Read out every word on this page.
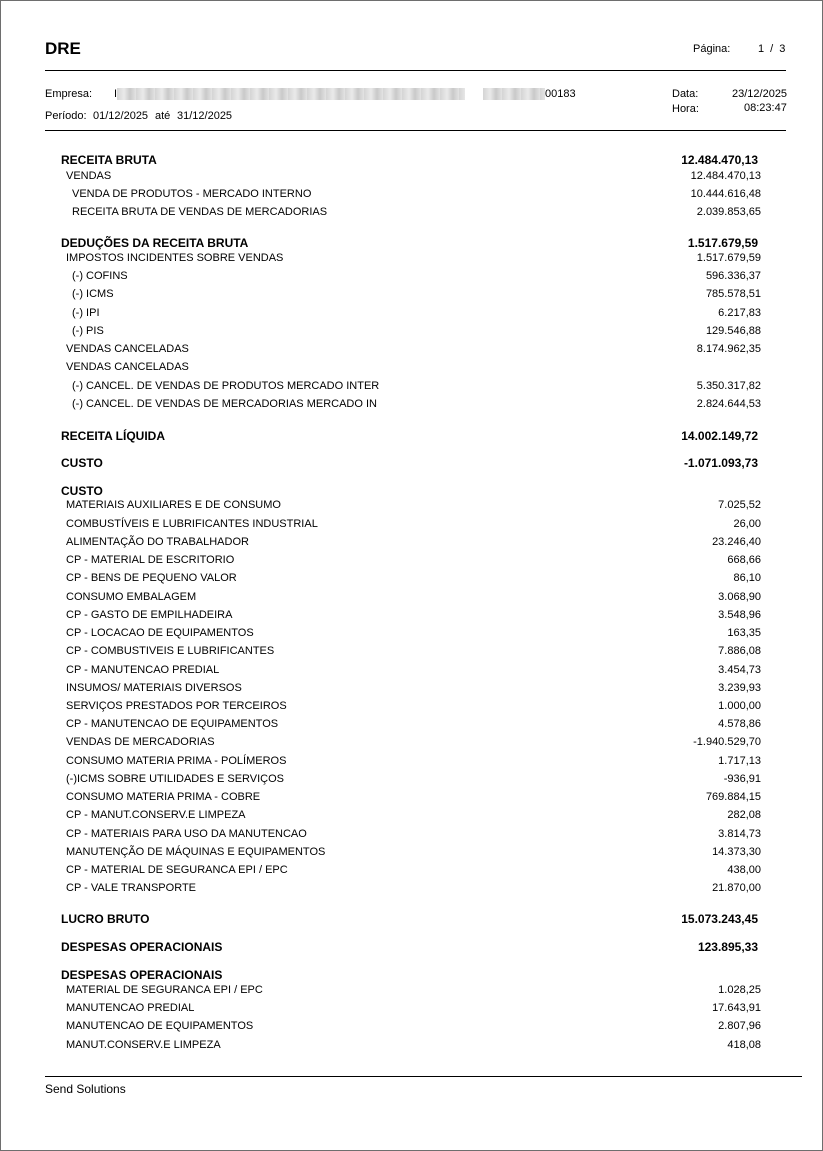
DRE	Página:	1 / 3
Empresa: I	00183
Período: 01/12/2025 até 31/12/2025
Data:	23/12/2025
Hora:	08:23:47
RECEITA BRUTA	12.484.470,13
VENDAS	12.484.470,13
VENDA DE PRODUTOS - MERCADO INTERNO	10.444.616,48
RECEITA BRUTA DE VENDAS DE MERCADORIAS	2.039.853,65
DEDUÇÕES DA RECEITA BRUTA	1.517.679,59
IMPOSTOS INCIDENTES SOBRE VENDAS	1.517.679,59
(-) COFINS	596.336,37
(-) ICMS	785.578,51
(-) IPI	6.217,83
(-) PIS	129.546,88
VENDAS CANCELADAS	8.174.962,35
VENDAS CANCELADAS
(-) CANCEL. DE VENDAS DE PRODUTOS MERCADO INTER	5.350.317,82
(-) CANCEL. DE VENDAS DE MERCADORIAS MERCADO IN	2.824.644,53
RECEITA LÍQUIDA	14.002.149,72
CUSTO	-1.071.093,73
CUSTO
MATERIAIS AUXILIARES E DE CONSUMO	7.025,52
COMBUSTÍVEIS E LUBRIFICANTES INDUSTRIAL	26,00
ALIMENTAÇÃO DO TRABALHADOR	23.246,40
CP - MATERIAL DE ESCRITORIO	668,66
CP - BENS DE PEQUENO VALOR	86,10
CONSUMO EMBALAGEM	3.068,90
CP - GASTO DE EMPILHADEIRA	3.548,96
CP - LOCACAO DE EQUIPAMENTOS	163,35
CP - COMBUSTIVEIS E LUBRIFICANTES	7.886,08
CP - MANUTENCAO PREDIAL	3.454,73
INSUMOS/ MATERIAIS DIVERSOS	3.239,93
SERVIÇOS PRESTADOS POR TERCEIROS	1.000,00
CP - MANUTENCAO DE EQUIPAMENTOS	4.578,86
VENDAS DE MERCADORIAS	-1.940.529,70
CONSUMO MATERIA PRIMA - POLÍMEROS	1.717,13
(-)ICMS SOBRE UTILIDADES E SERVIÇOS	-936,91
CONSUMO MATERIA PRIMA - COBRE	769.884,15
CP - MANUT.CONSERV.E LIMPEZA	282,08
CP - MATERIAIS PARA USO DA MANUTENCAO	3.814,73
MANUTENÇÃO DE MÁQUINAS E EQUIPAMENTOS	14.373,30
CP - MATERIAL DE SEGURANCA EPI / EPC	438,00
CP - VALE TRANSPORTE	21.870,00
LUCRO BRUTO	15.073.243,45
DESPESAS OPERACIONAIS	123.895,33
DESPESAS OPERACIONAIS
MATERIAL DE SEGURANCA EPI / EPC	1.028,25
MANUTENCAO PREDIAL	17.643,91
MANUTENCAO DE EQUIPAMENTOS	2.807,96
MANUT.CONSERV.E LIMPEZA	418,08
Send Solutions
